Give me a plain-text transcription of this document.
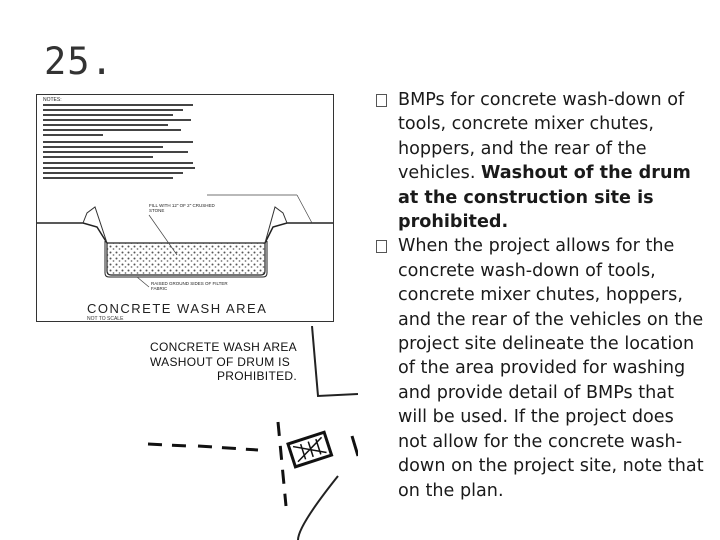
25.
NOTES:
FILL WITH 12" OF 2" CRUSHED STONE
RAISED GROUND SIDES OF FILTER FABRIC
CONCRETE WASH AREA
NOT TO SCALE
CONCRETE WASH AREA
WASHOUT OF DRUM IS
PROHIBITED.
BMPs for concrete wash-down of tools, concrete mixer chutes, hoppers, and the rear of the vehicles. Washout of the drum at the construction site is prohibited.
When the project allows for the concrete wash-down of tools, concrete mixer chutes, hoppers, and the rear of the vehicles on the project site delineate the location of the area provided for washing and provide detail of BMPs that will be used. If the project does not allow for the concrete wash-down on the project site, note that on the plan.
